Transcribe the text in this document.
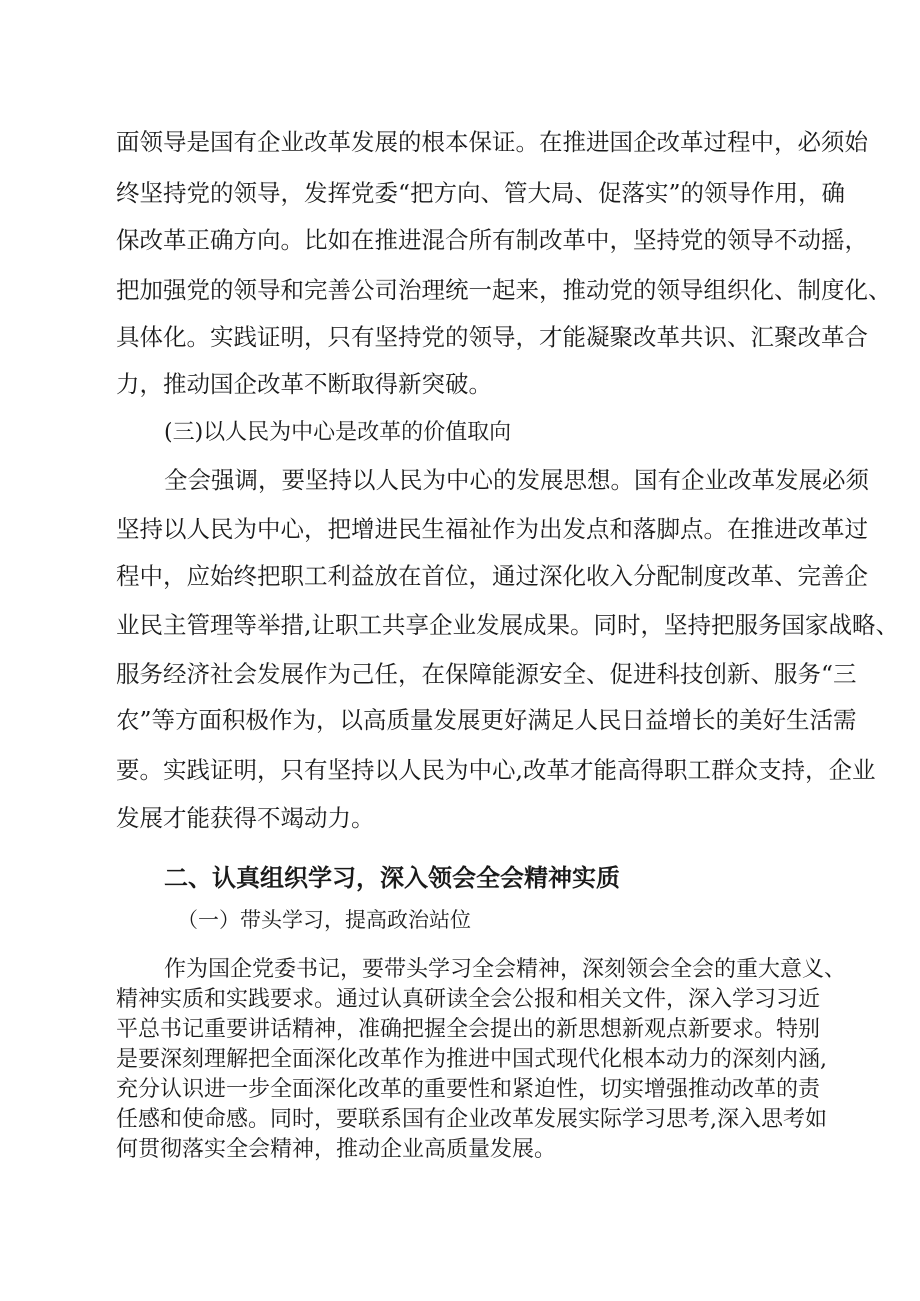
面领导是国有企业改革发展的根本保证。在推进国企改革过程中，必须始

终坚持党的领导，发挥党委“把方向、管大局、促落实”的领导作用，确

保改革正确方向。比如在推进混合所有制改革中，坚持党的领导不动摇，

把加强党的领导和完善公司治理统一起来，推动党的领导组织化、制度化、

具体化。实践证明，只有坚持党的领导，才能凝聚改革共识、汇聚改革合

力，推动国企改革不断取得新突破。

(三)以人民为中心是改革的价值取向

全会强调，要坚持以人民为中心的发展思想。国有企业改革发展必须

坚持以人民为中心，把增进民生福祉作为出发点和落脚点。在推进改革过

程中，应始终把职工利益放在首位，通过深化收入分配制度改革、完善企

业民主管理等举措,让职工共享企业发展成果。同时，坚持把服务国家战略、

服务经济社会发展作为己任，在保障能源安全、促进科技创新、服务“三

农”等方面积极作为，以高质量发展更好满足人民日益增长的美好生活需

要。实践证明，只有坚持以人民为中心,改革才能高得职工群众支持，企业

发展才能获得不竭动力。

二、认真组织学习，深入领会全会精神实质

（一）带头学习，提高政治站位

作为国企党委书记，要带头学习全会精神，深刻领会全会的重大意义、

精神实质和实践要求。通过认真研读全会公报和相关文件，深入学习习近

平总书记重要讲话精神，准确把握全会提出的新思想新观点新要求。特别

是要深刻理解把全面深化改革作为推进中国式现代化根本动力的深刻内涵,

充分认识进一步全面深化改革的重要性和紧迫性，切实增强推动改革的责

任感和使命感。同时，要联系国有企业改革发展实际学习思考,深入思考如

何贯彻落实全会精神，推动企业高质量发展。
